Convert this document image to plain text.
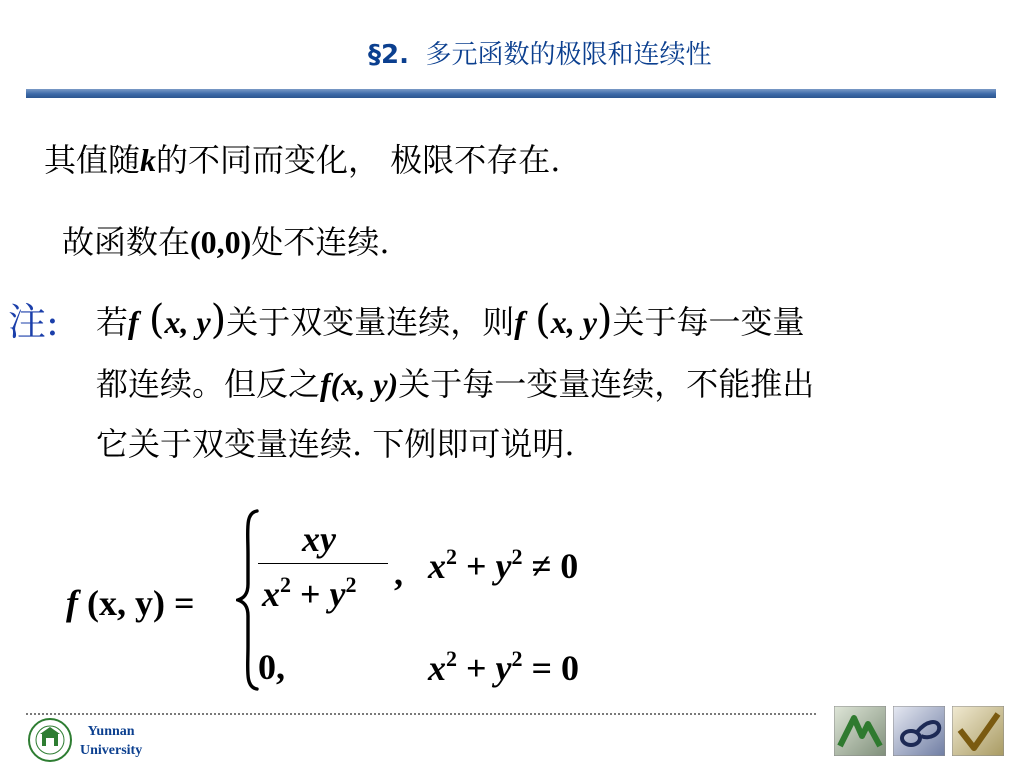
§2. 多元函数的极限和连续性
其值随k的不同而变化， 极限不存在.
故函数在(0,0)处不连续.
注: 若f (x, y)关于双变量连续，则f (x, y)关于每一变量
都连续。但反之f(x, y)关于每一变量连续，不能推出
它关于双变量连续. 下例即可说明.
f (x, y) =
xy
$x^2 + y^2$ , $x^2 + y^2 \ne 0$
0,	$x^2 + y^2 = 0$
Yunnan
University
